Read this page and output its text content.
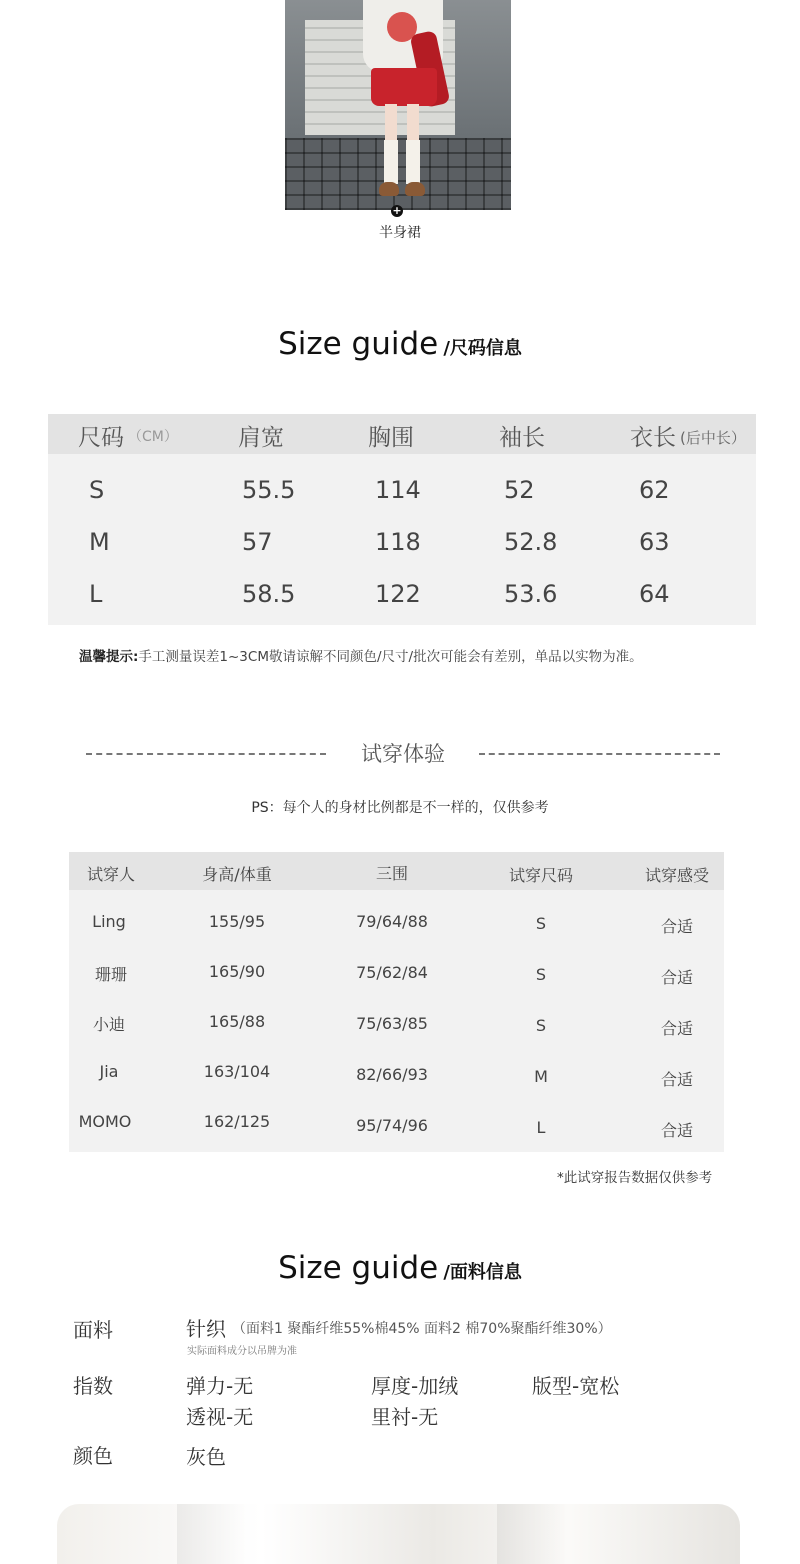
+
半身裙
Size guide /尺码信息
尺码 （CM）	肩宽	胸围	袖长	衣长 (后中长）
S	55.5	114	52	62
M	57	118	52.8	63
L	58.5	122	53.6	64
温馨提示:手工测量误差1~3CM敬请谅解不同颜色/尺寸/批次可能会有差别，单品以实物为准。
试穿体验
PS：每个人的身材比例都是不一样的，仅供参考
试穿人	身高/体重	三围	试穿尺码	试穿感受
Ling	155/95	79/64/88	S	合适
珊珊	165/90	75/62/84	S	合适
小迪	165/88	75/63/85	S	合适
Jia	163/104	82/66/93	M	合适
MOMO	162/125	95/74/96	L	合适
*此试穿报告数据仅供参考
Size guide /面料信息
面料	针织 （面料1 聚酯纤维55%棉45% 面料2 棉70%聚酯纤维30%）
实际面料成分以吊牌为准
指数	弹力-无	厚度-加绒	版型-宽松
透视-无	里衬-无
颜色	灰色
